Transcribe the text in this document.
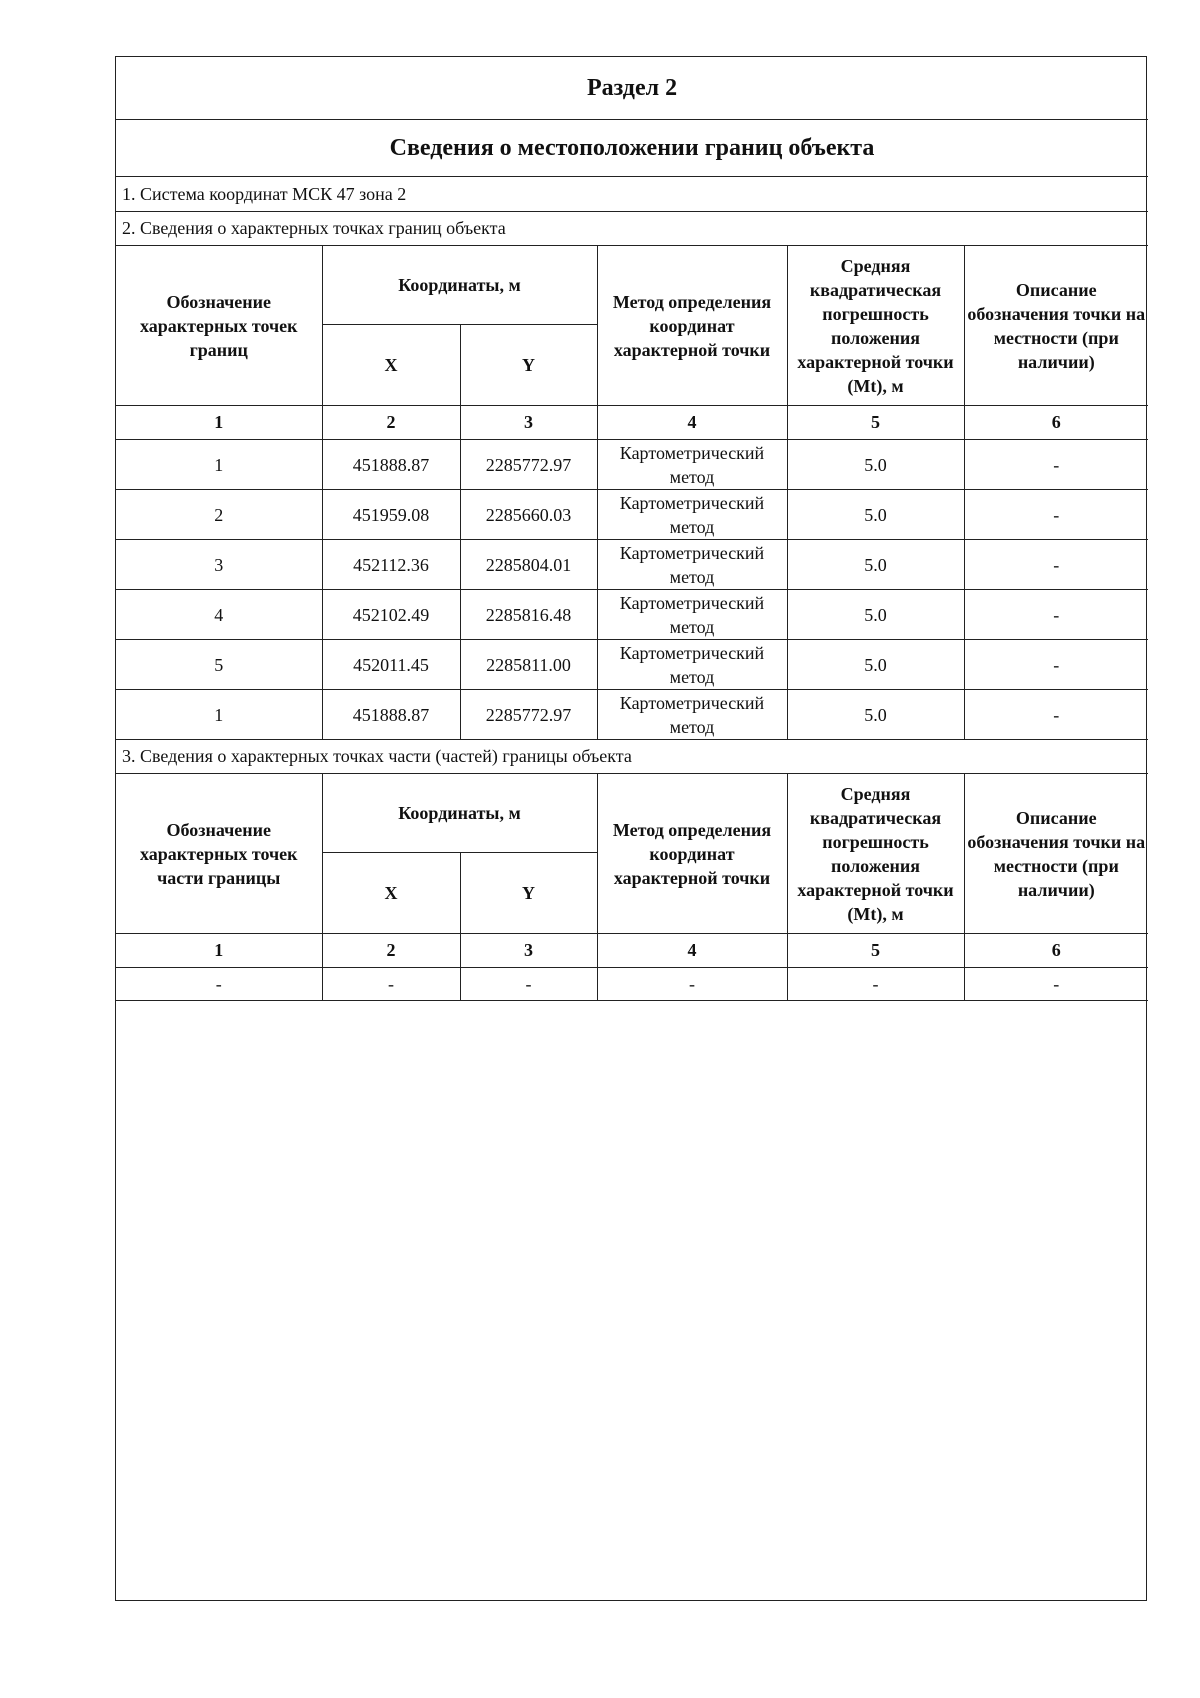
Раздел 2					
Сведения о местоположении границ объекта					
1. Система координат МСК 47 зона 2					
2. Сведения о характерных точках границ объекта					
Обозначение характерных точек границ	Координаты, м		Метод определения координат характерной точки	Средняя квадратическая погрешность положения характерной точки (Mt), м	Описание обозначения точки на местности (при наличии)
	X	Y			
1	2	3	4	5	6
1	451888.87	2285772.97	Картометрический метод	5.0	-
2	451959.08	2285660.03	Картометрический метод	5.0	-
3	452112.36	2285804.01	Картометрический метод	5.0	-
4	452102.49	2285816.48	Картометрический метод	5.0	-
5	452011.45	2285811.00	Картометрический метод	5.0	-
1	451888.87	2285772.97	Картометрический метод	5.0	-
3. Сведения о характерных точках части (частей) границы объекта					
Обозначение характерных точек части границы	Координаты, м		Метод определения координат характерной точки	Средняя квадратическая погрешность положения характерной точки (Mt), м	Описание обозначения точки на местности (при наличии)
	X	Y			
1	2	3	4	5	6
-	-	-	-	-	-
